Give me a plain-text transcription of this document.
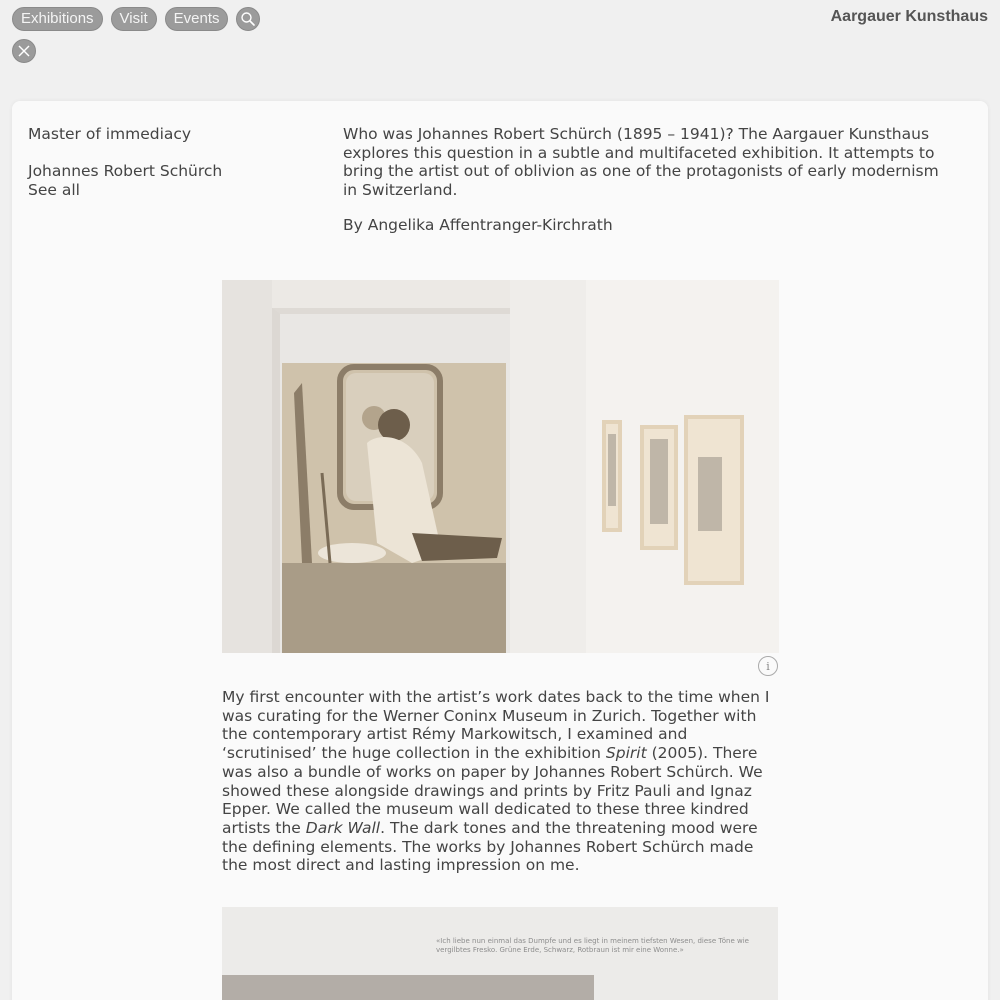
Exhibitions	Visit	Events	Aargauer Kunsthaus
Master of immediacy
Johannes Robert Schürch
See all
Who was Johannes Robert Schürch (1895 – 1941)? The Aargauer Kunsthaus explores this question in a subtle and multifaceted exhibition. It attempts to bring the artist out of oblivion as one of the protagonists of early modernism in Switzerland.
By Angelika Affentranger-Kirchrath
i
My first encounter with the artist’s work dates back to the time when I was curating for the Werner Coninx Museum in Zurich. Together with the contemporary artist Rémy Markowitsch, I examined and ‘scrutinised’ the huge collection in the exhibition Spirit (2005). There was also a bundle of works on paper by Johannes Robert Schürch. We showed these alongside drawings and prints by Fritz Pauli and Ignaz Epper. We called the museum wall dedicated to these three kindred artists the Dark Wall. The dark tones and the threatening mood were the defining elements. The works by Johannes Robert Schürch made the most direct and lasting impression on me.
«Ich liebe nun einmal das Dumpfe und es liegt in meinem tiefsten Wesen, diese Töne wie vergilbtes Fresko. Grüne Erde, Schwarz, Rotbraun ist mir eine Wonne.»
